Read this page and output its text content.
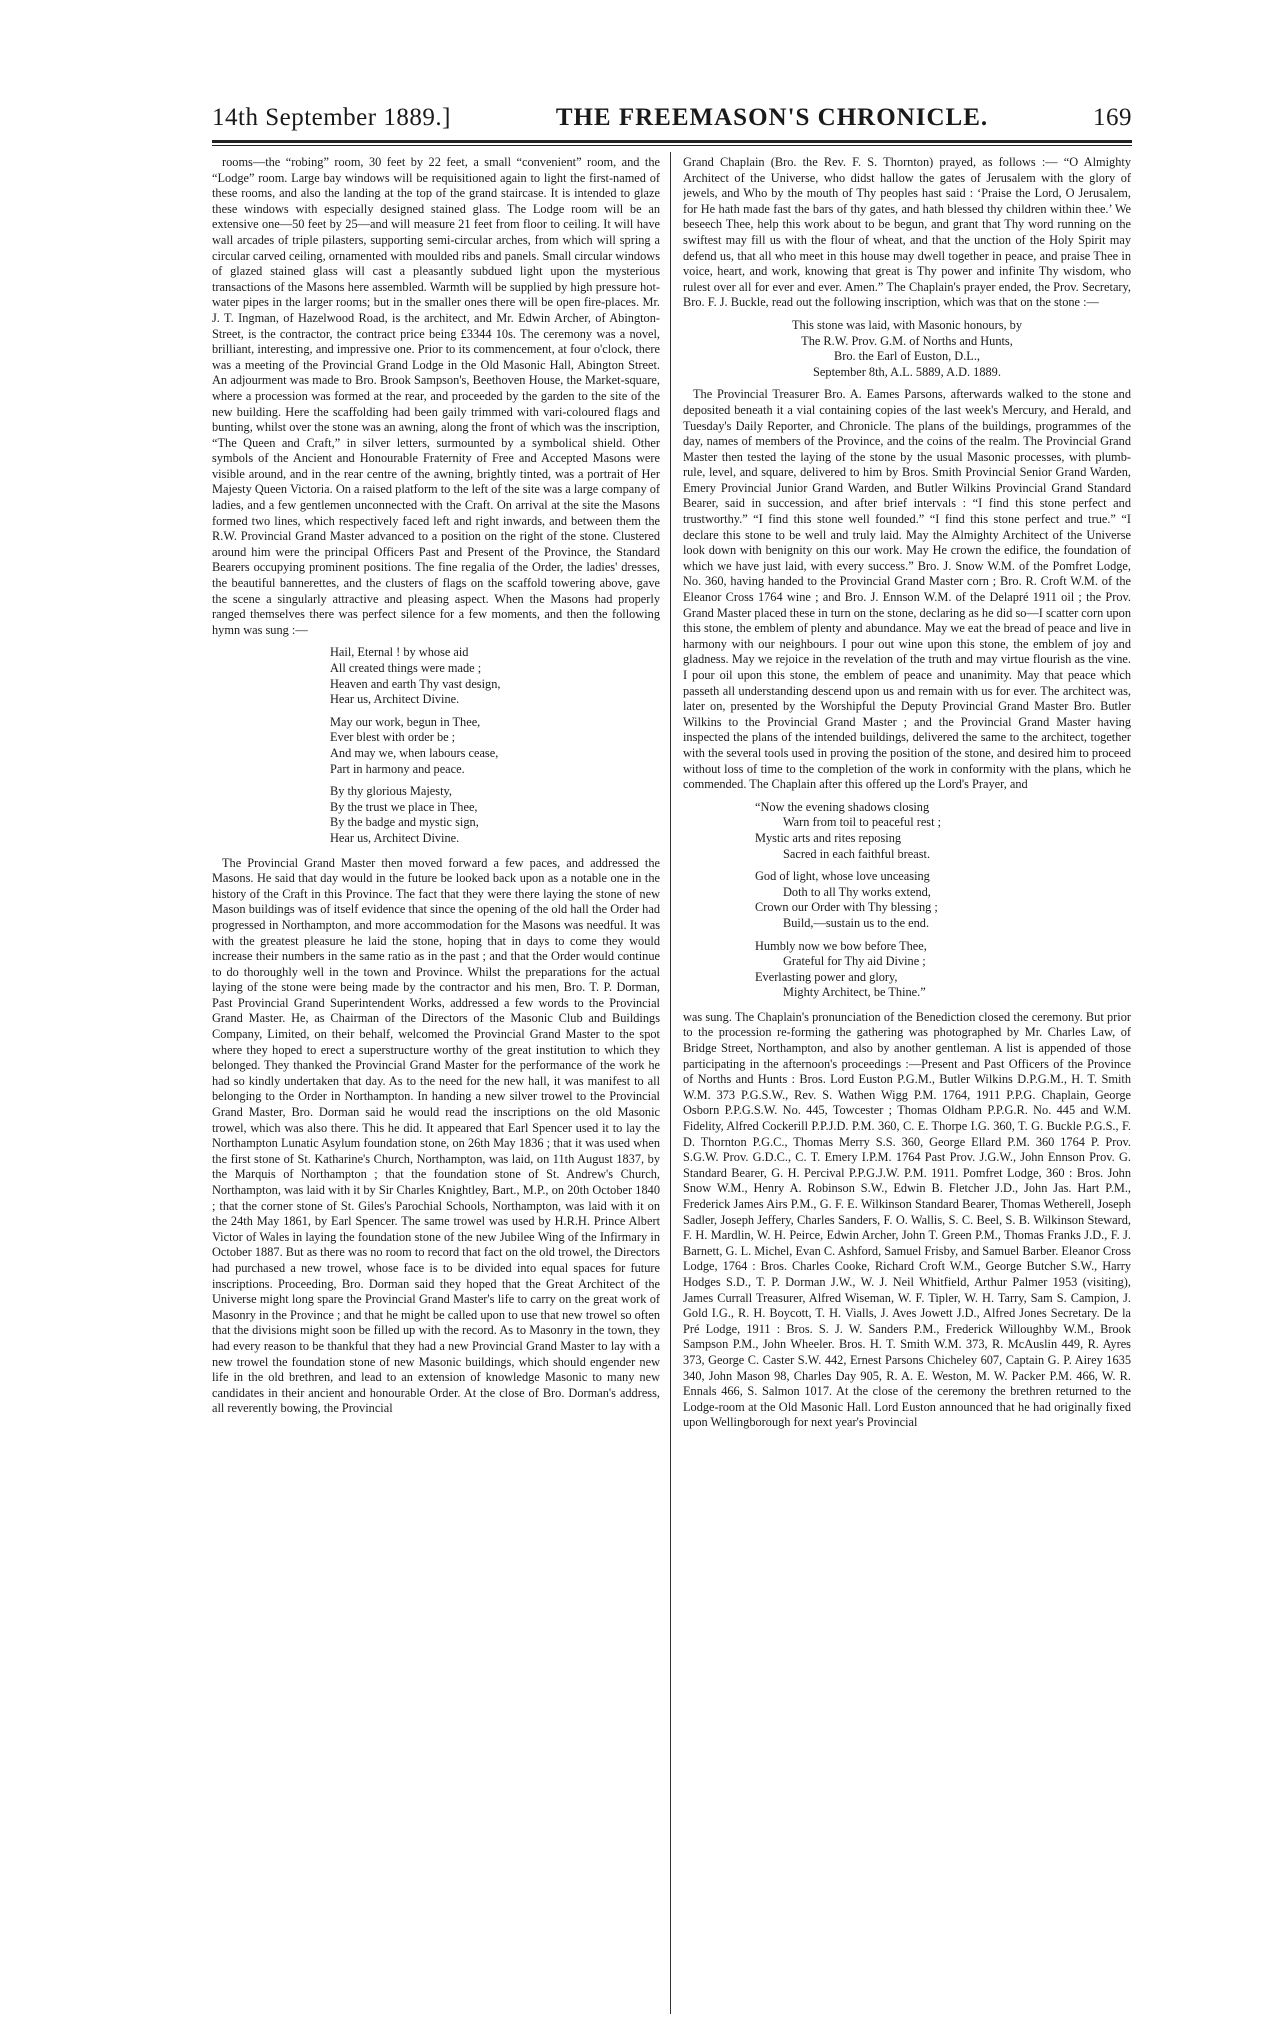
14th September 1889.]	THE FREEMASON'S CHRONICLE.	169

rooms—the “robing” room, 30 feet by 22 feet, a small “convenient” room, and the “Lodge” room. Large bay windows will be requisitioned again to light the first-named of these rooms, and also the landing at the top of the grand staircase. It is intended to glaze these windows with especially designed stained glass. The Lodge room will be an extensive one—50 feet by 25—and will measure 21 feet from floor to ceiling. It will have wall arcades of triple pilasters, supporting semi-circular arches, from which will spring a circular carved ceiling, ornamented with moulded ribs and panels. Small circular windows of glazed stained glass will cast a pleasantly subdued light upon the mysterious transactions of the Masons here assembled. Warmth will be supplied by high pressure hot-water pipes in the larger rooms; but in the smaller ones there will be open fire-places. Mr. J. T. Ingman, of Hazelwood Road, is the architect, and Mr. Edwin Archer, of Abington-Street, is the contractor, the contract price being £3344 10s. The ceremony was a novel, brilliant, interesting, and impressive one. Prior to its commencement, at four o'clock, there was a meeting of the Provincial Grand Lodge in the Old Masonic Hall, Abington Street. An adjourment was made to Bro. Brook Sampson's, Beethoven House, the Market-square, where a procession was formed at the rear, and proceeded by the garden to the site of the new building. Here the scaffolding had been gaily trimmed with vari-coloured flags and bunting, whilst over the stone was an awning, along the front of which was the inscription, “The Queen and Craft,” in silver letters, surmounted by a symbolical shield. Other symbols of the Ancient and Honourable Fraternity of Free and Accepted Masons were visible around, and in the rear centre of the awning, brightly tinted, was a portrait of Her Majesty Queen Victoria. On a raised platform to the left of the site was a large company of ladies, and a few gentlemen unconnected with the Craft. On arrival at the site the Masons formed two lines, which respectively faced left and right inwards, and between them the R.W. Provincial Grand Master advanced to a position on the right of the stone. Clustered around him were the principal Officers Past and Present of the Province, the Standard Bearers occupying prominent positions. The fine regalia of the Order, the ladies' dresses, the beautiful bannerettes, and the clusters of flags on the scaffold towering above, gave the scene a singularly attractive and pleasing aspect. When the Masons had properly ranged themselves there was perfect silence for a few moments, and then the following hymn was sung :—

Hail, Eternal ! by whose aid
All created things were made ;
Heaven and earth Thy vast design,
Hear us, Architect Divine.
May our work, begun in Thee,
Ever blest with order be ;
And may we, when labours cease,
Part in harmony and peace.
By thy glorious Majesty,
By the trust we place in Thee,
By the badge and mystic sign,
Hear us, Architect Divine.

The Provincial Grand Master then moved forward a few paces, and addressed the Masons. He said that day would in the future be looked back upon as a notable one in the history of the Craft in this Province. The fact that they were there laying the stone of new Mason buildings was of itself evidence that since the opening of the old hall the Order had progressed in Northampton, and more accommodation for the Masons was needful. It was with the greatest pleasure he laid the stone, hoping that in days to come they would increase their numbers in the same ratio as in the past ; and that the Order would continue to do thoroughly well in the town and Province. Whilst the preparations for the actual laying of the stone were being made by the contractor and his men, Bro. T. P. Dorman, Past Provincial Grand Superintendent Works, addressed a few words to the Provincial Grand Master. He, as Chairman of the Directors of the Masonic Club and Buildings Company, Limited, on their behalf, welcomed the Provincial Grand Master to the spot where they hoped to erect a superstructure worthy of the great institution to which they belonged. They thanked the Provincial Grand Master for the performance of the work he had so kindly undertaken that day. As to the need for the new hall, it was manifest to all belonging to the Order in Northampton. In handing a new silver trowel to the Provincial Grand Master, Bro. Dorman said he would read the inscriptions on the old Masonic trowel, which was also there. This he did. It appeared that Earl Spencer used it to lay the Northampton Lunatic Asylum foundation stone, on 26th May 1836 ; that it was used when the first stone of St. Katharine's Church, Northampton, was laid, on 11th August 1837, by the Marquis of Northampton ; that the foundation stone of St. Andrew's Church, Northampton, was laid with it by Sir Charles Knightley, Bart., M.P., on 20th October 1840 ; that the corner stone of St. Giles's Parochial Schools, Northampton, was laid with it on the 24th May 1861, by Earl Spencer. The same trowel was used by H.R.H. Prince Albert Victor of Wales in laying the foundation stone of the new Jubilee Wing of the Infirmary in October 1887. But as there was no room to record that fact on the old trowel, the Directors had purchased a new trowel, whose face is to be divided into equal spaces for future inscriptions. Proceeding, Bro. Dorman said they hoped that the Great Architect of the Universe might long spare the Provincial Grand Master's life to carry on the great work of Masonry in the Province ; and that he might be called upon to use that new trowel so often that the divisions might soon be filled up with the record. As to Masonry in the town, they had every reason to be thankful that they had a new Provincial Grand Master to lay with a new trowel the foundation stone of new Masonic buildings, which should engender new life in the old brethren, and lead to an extension of knowledge Masonic to many new candidates in their ancient and honourable Order. At the close of Bro. Dorman's address, all reverently bowing, the Provincial

Grand Chaplain (Bro. the Rev. F. S. Thornton) prayed, as follows :— “O Almighty Architect of the Universe, who didst hallow the gates of Jerusalem with the glory of jewels, and Who by the mouth of Thy peoples hast said : ‘Praise the Lord, O Jerusalem, for He hath made fast the bars of thy gates, and hath blessed thy children within thee.’ We beseech Thee, help this work about to be begun, and grant that Thy word running on the swiftest may fill us with the flour of wheat, and that the unction of the Holy Spirit may defend us, that all who meet in this house may dwell together in peace, and praise Thee in voice, heart, and work, knowing that great is Thy power and infinite Thy wisdom, who rulest over all for ever and ever. Amen.” The Chaplain's prayer ended, the Prov. Secretary, Bro. F. J. Buckle, read out the following inscription, which was that on the stone :—

This stone was laid, with Masonic honours, by
The R.W. Prov. G.M. of Norths and Hunts,
Bro. the Earl of Euston, D.L.,
September 8th, A.L. 5889, A.D. 1889.

The Provincial Treasurer Bro. A. Eames Parsons, afterwards walked to the stone and deposited beneath it a vial containing copies of the last week's Mercury, and Herald, and Tuesday's Daily Reporter, and Chronicle. The plans of the buildings, programmes of the day, names of members of the Province, and the coins of the realm. The Provincial Grand Master then tested the laying of the stone by the usual Masonic processes, with plumb-rule, level, and square, delivered to him by Bros. Smith Provincial Senior Grand Warden, Emery Provincial Junior Grand Warden, and Butler Wilkins Provincial Grand Standard Bearer, said in succession, and after brief intervals : “I find this stone perfect and trustworthy.” “I find this stone well founded.” “I find this stone perfect and true.” “I declare this stone to be well and truly laid. May the Almighty Architect of the Universe look down with benignity on this our work. May He crown the edifice, the foundation of which we have just laid, with every success.” Bro. J. Snow W.M. of the Pomfret Lodge, No. 360, having handed to the Provincial Grand Master corn ; Bro. R. Croft W.M. of the Eleanor Cross 1764 wine ; and Bro. J. Ennson W.M. of the Delapré 1911 oil ; the Prov. Grand Master placed these in turn on the stone, declaring as he did so—I scatter corn upon this stone, the emblem of plenty and abundance. May we eat the bread of peace and live in harmony with our neighbours. I pour out wine upon this stone, the emblem of joy and gladness. May we rejoice in the revelation of the truth and may virtue flourish as the vine. I pour oil upon this stone, the emblem of peace and unanimity. May that peace which passeth all understanding descend upon us and remain with us for ever. The architect was, later on, presented by the Worshipful the Deputy Provincial Grand Master Bro. Butler Wilkins to the Provincial Grand Master ; and the Provincial Grand Master having inspected the plans of the intended buildings, delivered the same to the architect, together with the several tools used in proving the position of the stone, and desired him to proceed without loss of time to the completion of the work in conformity with the plans, which he commended. The Chaplain after this offered up the Lord's Prayer, and

“Now the evening shadows closing
Warn from toil to peaceful rest ;
Mystic arts and rites reposing
Sacred in each faithful breast.
God of light, whose love unceasing
Doth to all Thy works extend,
Crown our Order with Thy blessing ;
Build,—sustain us to the end.
Humbly now we bow before Thee,
Grateful for Thy aid Divine ;
Everlasting power and glory,
Mighty Architect, be Thine.”

was sung. The Chaplain's pronunciation of the Benediction closed the ceremony. But prior to the procession re-forming the gathering was photographed by Mr. Charles Law, of Bridge Street, Northampton, and also by another gentleman. A list is appended of those participating in the afternoon's proceedings :—Present and Past Officers of the Province of Norths and Hunts : Bros. Lord Euston P.G.M., Butler Wilkins D.P.G.M., H. T. Smith W.M. 373 P.G.S.W., Rev. S. Wathen Wigg P.M. 1764, 1911 P.P.G. Chaplain, George Osborn P.P.G.S.W. No. 445, Towcester ; Thomas Oldham P.P.G.R. No. 445 and W.M. Fidelity, Alfred Cockerill P.P.J.D. P.M. 360, C. E. Thorpe I.G. 360, T. G. Buckle P.G.S., F. D. Thornton P.G.C., Thomas Merry S.S. 360, George Ellard P.M. 360 1764 P. Prov. S.G.W. Prov. G.D.C., C. T. Emery I.P.M. 1764 Past Prov. J.G.W., John Ennson Prov. G. Standard Bearer, G. H. Percival P.P.G.J.W. P.M. 1911. Pomfret Lodge, 360 : Bros. John Snow W.M., Henry A. Robinson S.W., Edwin B. Fletcher J.D., John Jas. Hart P.M., Frederick James Airs P.M., G. F. E. Wilkinson Standard Bearer, Thomas Wetherell, Joseph Sadler, Joseph Jeffery, Charles Sanders, F. O. Wallis, S. C. Beel, S. B. Wilkinson Steward, F. H. Mardlin, W. H. Peirce, Edwin Archer, John T. Green P.M., Thomas Franks J.D., F. J. Barnett, G. L. Michel, Evan C. Ashford, Samuel Frisby, and Samuel Barber. Eleanor Cross Lodge, 1764 : Bros. Charles Cooke, Richard Croft W.M., George Butcher S.W., Harry Hodges S.D., T. P. Dorman J.W., W. J. Neil Whitfield, Arthur Palmer 1953 (visiting), James Currall Treasurer, Alfred Wiseman, W. F. Tipler, W. H. Tarry, Sam S. Campion, J. Gold I.G., R. H. Boycott, T. H. Vialls, J. Aves Jowett J.D., Alfred Jones Secretary. De la Pré Lodge, 1911 : Bros. S. J. W. Sanders P.M., Frederick Willoughby W.M., Brook Sampson P.M., John Wheeler. Bros. H. T. Smith W.M. 373, R. McAuslin 449, R. Ayres 373, George C. Caster S.W. 442, Ernest Parsons Chicheley 607, Captain G. P. Airey 1635 340, John Mason 98, Charles Day 905, R. A. E. Weston, M. W. Packer P.M. 466, W. R. Ennals 466, S. Salmon 1017. At the close of the ceremony the brethren returned to the Lodge-room at the Old Masonic Hall. Lord Euston announced that he had originally fixed upon Wellingborough for next year's Provincial
